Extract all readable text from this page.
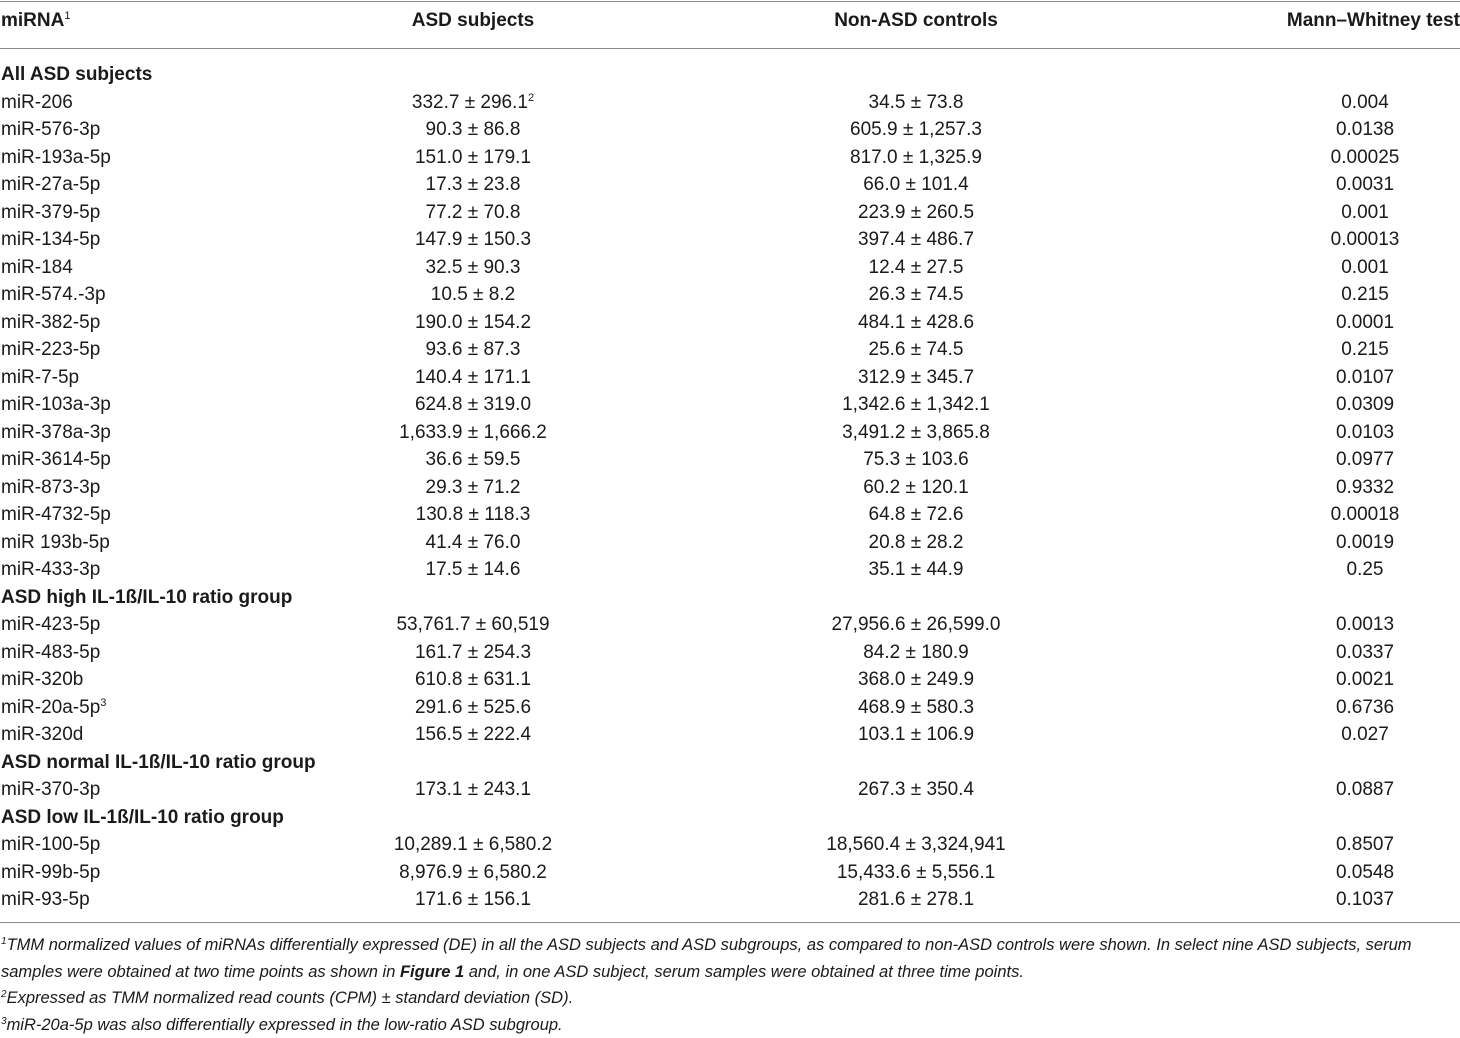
miRNA$^1$	ASD subjects	Non-ASD controls	Mann–Whitney test
All ASD subjects
miR-206	$332.7 \pm 296.1^2$	34.5 ± 73.8	0.004
miR-576-3p	90.3 ± 86.8	605.9 ± 1,257.3	0.0138
miR-193a-5p	151.0 ± 179.1	817.0 ± 1,325.9	0.00025
miR-27a-5p	17.3 ± 23.8	66.0 ± 101.4	0.0031
miR-379-5p	77.2 ± 70.8	223.9 ± 260.5	0.001
miR-134-5p	147.9 ± 150.3	397.4 ± 486.7	0.00013
miR-184	32.5 ± 90.3	12.4 ± 27.5	0.001
miR-574.-3p	10.5 ± 8.2	26.3 ± 74.5	0.215
miR-382-5p	190.0 ± 154.2	484.1 ± 428.6	0.0001
miR-223-5p	93.6 ± 87.3	25.6 ± 74.5	0.215
miR-7-5p	140.4 ± 171.1	312.9 ± 345.7	0.0107
miR-103a-3p	624.8 ± 319.0	1,342.6 ± 1,342.1	0.0309
miR-378a-3p	1,633.9 ± 1,666.2	3,491.2 ± 3,865.8	0.0103
miR-3614-5p	36.6 ± 59.5	75.3 ± 103.6	0.0977
miR-873-3p	29.3 ± 71.2	60.2 ± 120.1	0.9332
miR-4732-5p	130.8 ± 118.3	64.8 ± 72.6	0.00018
miR 193b-5p	41.4 ± 76.0	20.8 ± 28.2	0.0019
miR-433-3p	17.5 ± 14.6	35.1 ± 44.9	0.25
ASD high IL-1ß/IL-10 ratio group
miR-423-5p	53,761.7 ± 60,519	27,956.6 ± 26,599.0	0.0013
miR-483-5p	161.7 ± 254.3	84.2 ± 180.9	0.0337
miR-320b	610.8 ± 631.1	368.0 ± 249.9	0.0021
miR-$20a-5p^3$	291.6 ± 525.6	468.9 ± 580.3	0.6736
miR-320d	156.5 ± 222.4	103.1 ± 106.9	0.027
ASD normal IL-1ß/IL-10 ratio group
miR-370-3p	173.1 ± 243.1	267.3 ± 350.4	0.0887
ASD low IL-1ß/IL-10 ratio group
miR-100-5p	10,289.1 ± 6,580.2	18,560.4 ± 3,324,941	0.8507
miR-99b-5p	8,976.9 ± 6,580.2	15,433.6 ± 5,556.1	0.0548
miR-93-5p	171.6 ± 156.1	281.6 ± 278.1	0.1037

$^1$TMM normalized values of miRNAs differentially expressed (DE) in all the ASD subjects and ASD subgroups, as compared to non-ASD controls were shown. In select nine ASD subjects, serum samples were obtained at two time points as shown in Figure 1 and, in one ASD subject, serum samples were obtained at three time points.

$^2$Expressed as TMM normalized read counts (CPM) ± standard deviation (SD).

$^3$miR-20a-5p was also differentially expressed in the low-ratio ASD subgroup.
